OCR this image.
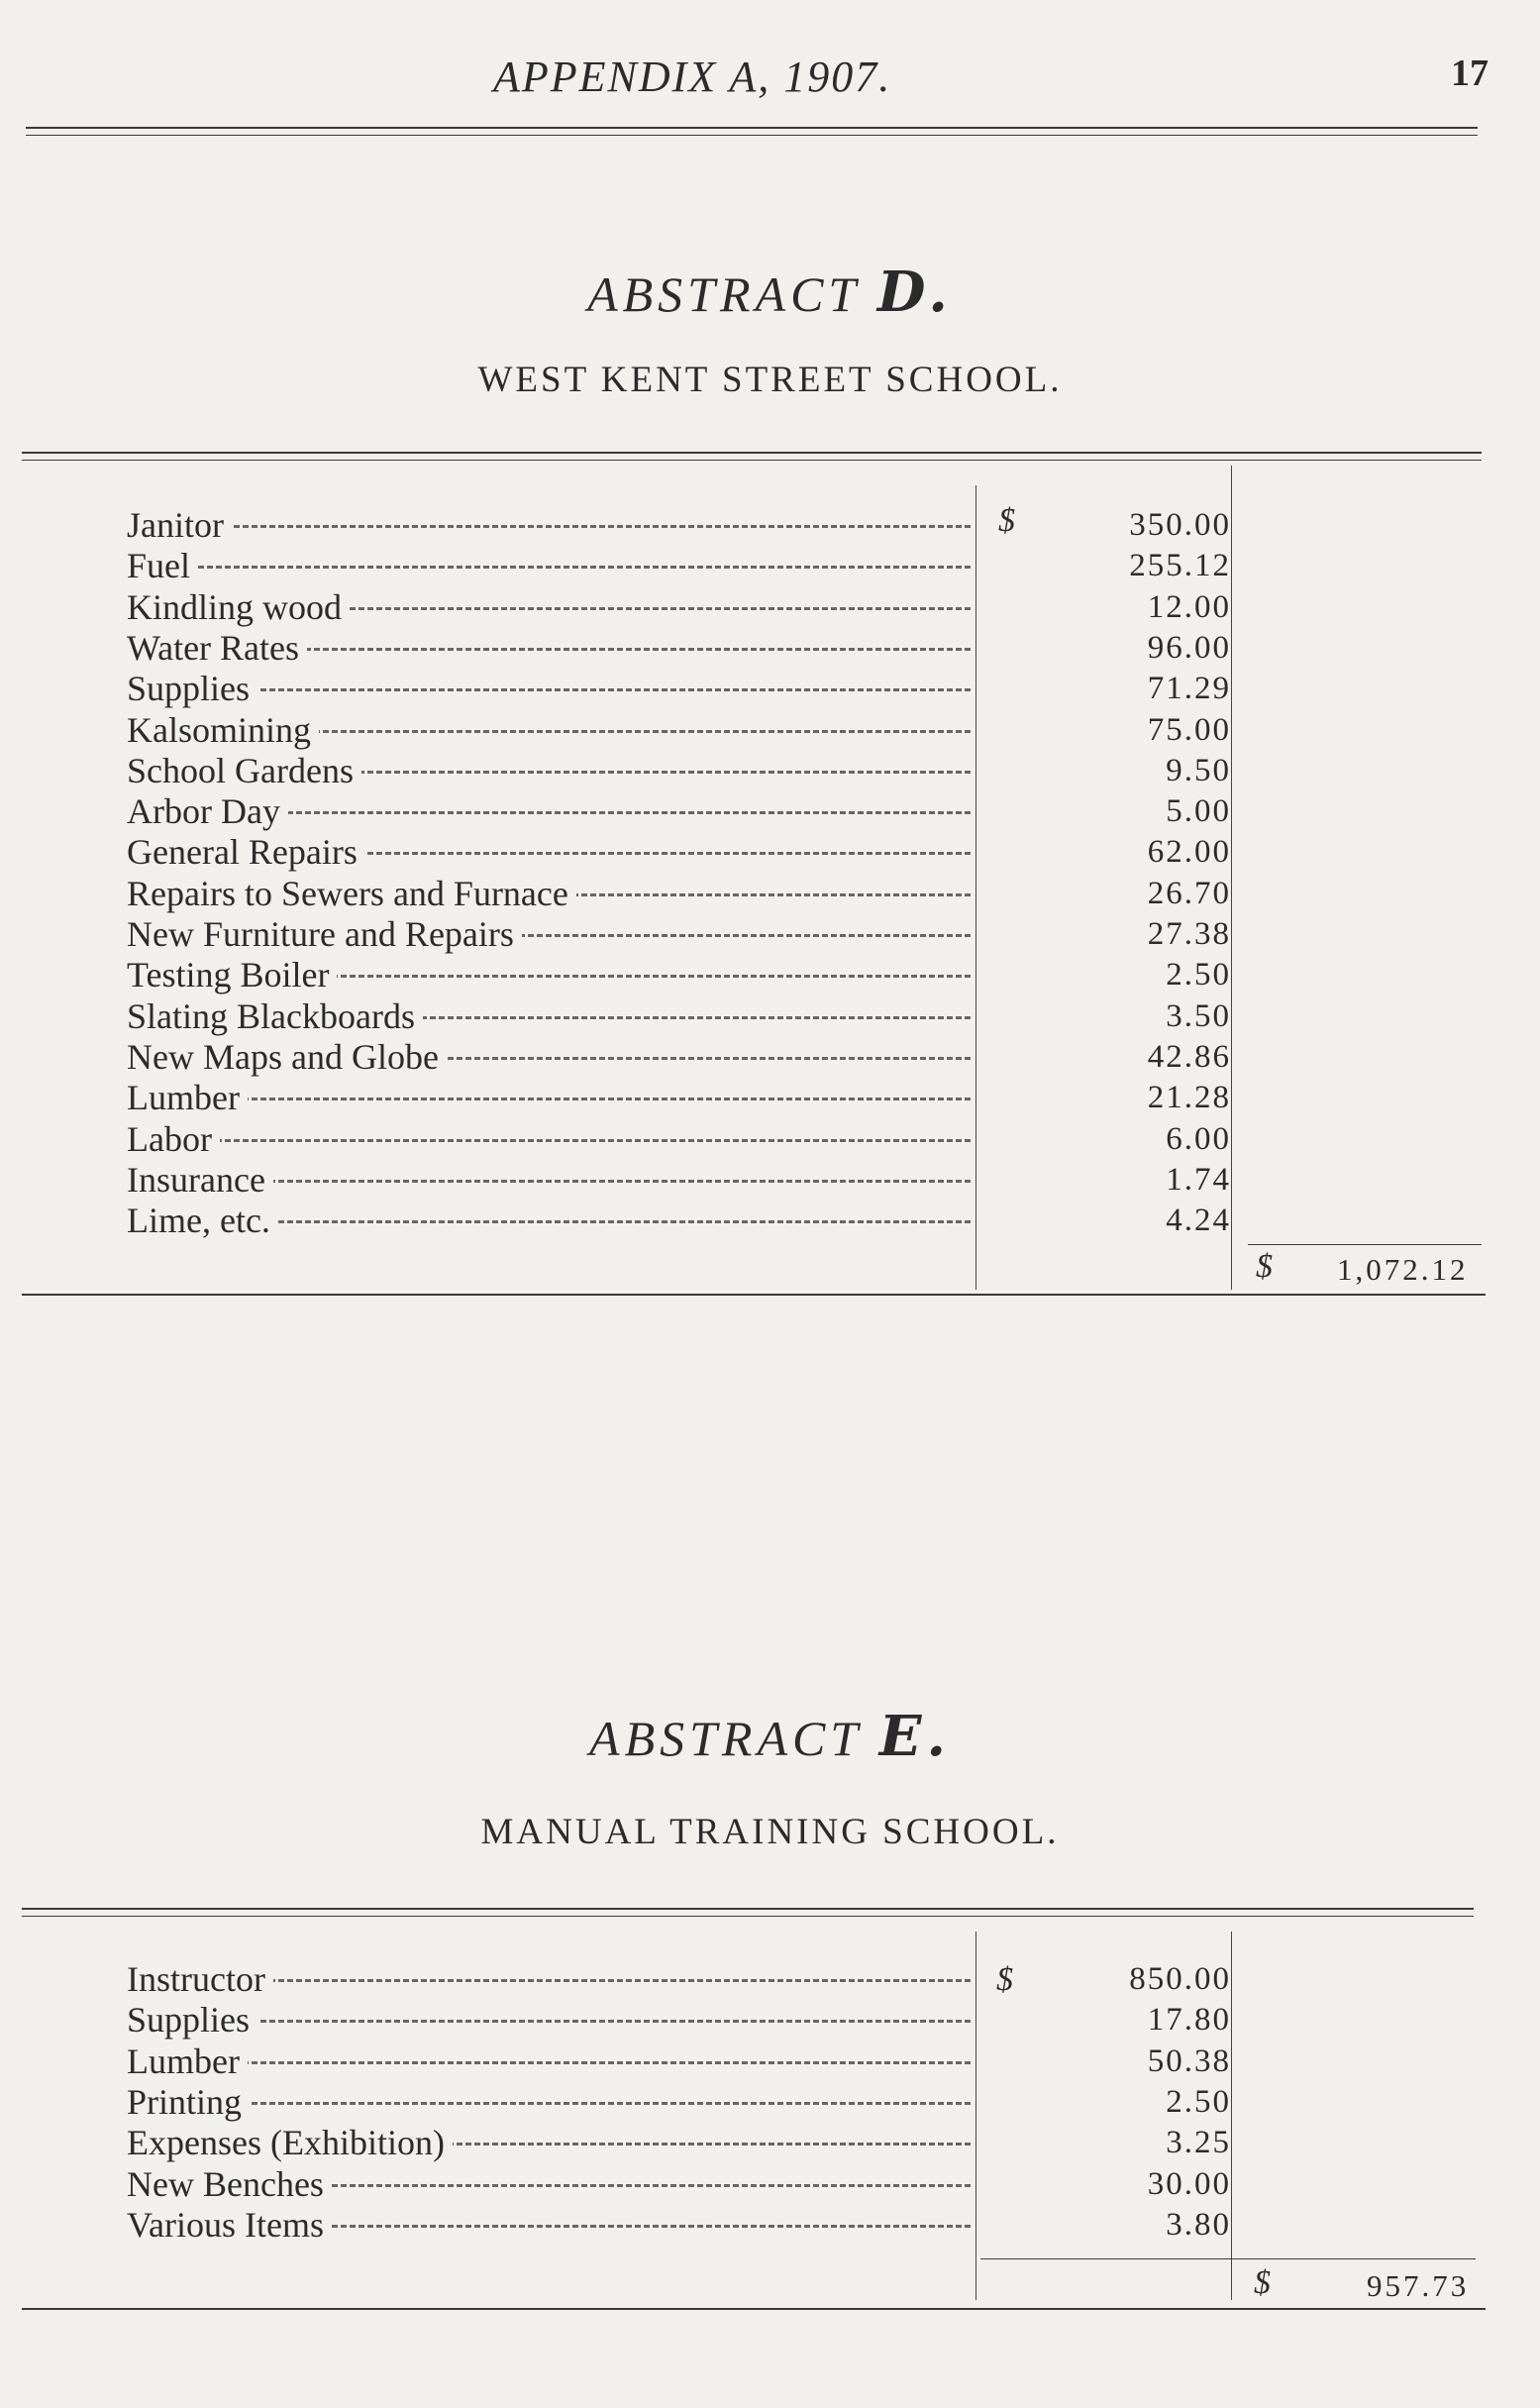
APPENDIX A, 1907.	17
ABSTRACT D.
WEST KENT STREET SCHOOL.
$
$ 1,072.12
Janitor	350.00
Fuel	255.12
Kindling wood	12.00
Water Rates	96.00
Supplies	71.29
Kalsomining	75.00
School Gardens	9.50
Arbor Day	5.00
General Repairs	62.00
Repairs to Sewers and Furnace	26.70
New Furniture and Repairs	27.38
Testing Boiler	2.50
Slating Blackboards	3.50
New Maps and Globe	42.86
Lumber	21.28
Labor	6.00
Insurance	1.74
Lime, etc.	4.24
ABSTRACT E.
MANUAL TRAINING SCHOOL.
$
$	957.73
Instructor	850.00
Supplies	17.80
Lumber	50.38
Printing	2.50
Expenses (Exhibition)	3.25
New Benches	30.00
Various Items	3.80
